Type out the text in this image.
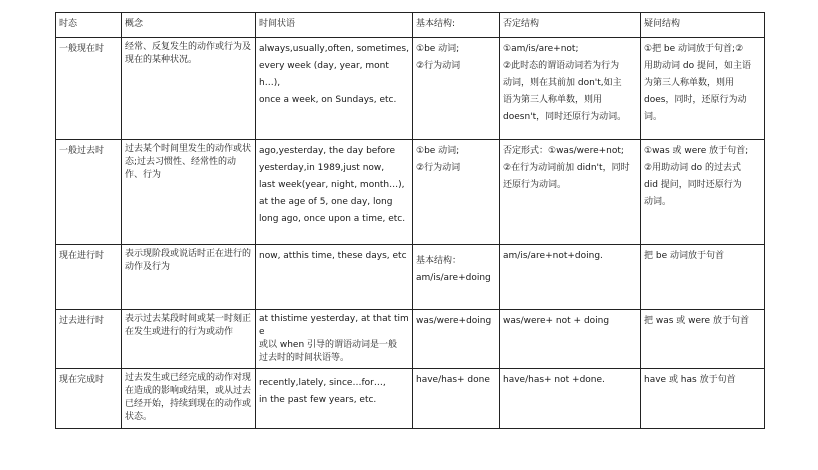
时态	概念	时间状语	基本结构:	否定结构	疑问结构
一般现在时	经常、反复发生的动作或行为及现在的某种状况。	always,usually,often, sometimes,
every week (day, year, month…),
once a week, on Sundays, etc.	①be 动词;
②行为动词	①am/is/are+not;
②此时态的谓语动词若为行为
动词，则在其前加 don't,如主
语为第三人称单数，则用
doesn't，同时还原行为动词。	①把 be 动词放于句首;②
用助动词 do 提问，如主语
为第三人称单数，则用
does，同时，还原行为动
词。

一般过去时	过去某个时间里发生的动作或状态;过去习惯性、经常性的动作、行为	ago,yesterday, the day before
yesterday,in 1989,just now,
last week(year, night, month…),
at the age of 5, one day, long
long ago, once upon a time, etc.	①be 动词;
②行为动词	否定形式：①was/were+not;
②在行为动词前加 didn't，同时
还原行为动词。	①was 或 were 放于句首;
②用助动词 do 的过去式
did 提问，同时还原行为
动词。

现在进行时	表示现阶段或说话时正在进行的动作及行为	now, atthis time, these days, etc	基本结构：
am/is/are+doing	am/is/are+not+doing.	把 be 动词放于句首

过去进行时	表示过去某段时间或某一时刻正在发生或进行的行为或动作	at thistime yesterday, at that time
或以 when 引导的谓语动词是一般
过去时的时间状语等。	was/were+doing	was/were+ not + doing	把 was 或 were 放于句首

现在完成时	过去发生或已经完成的动作对现在造成的影响或结果，或从过去已经开始，持续到现在的动作或状态。	recently,lately, since…for…,
in the past few years, etc.	have/has+ done	have/has+ not +done.	have 或 has 放于句首
